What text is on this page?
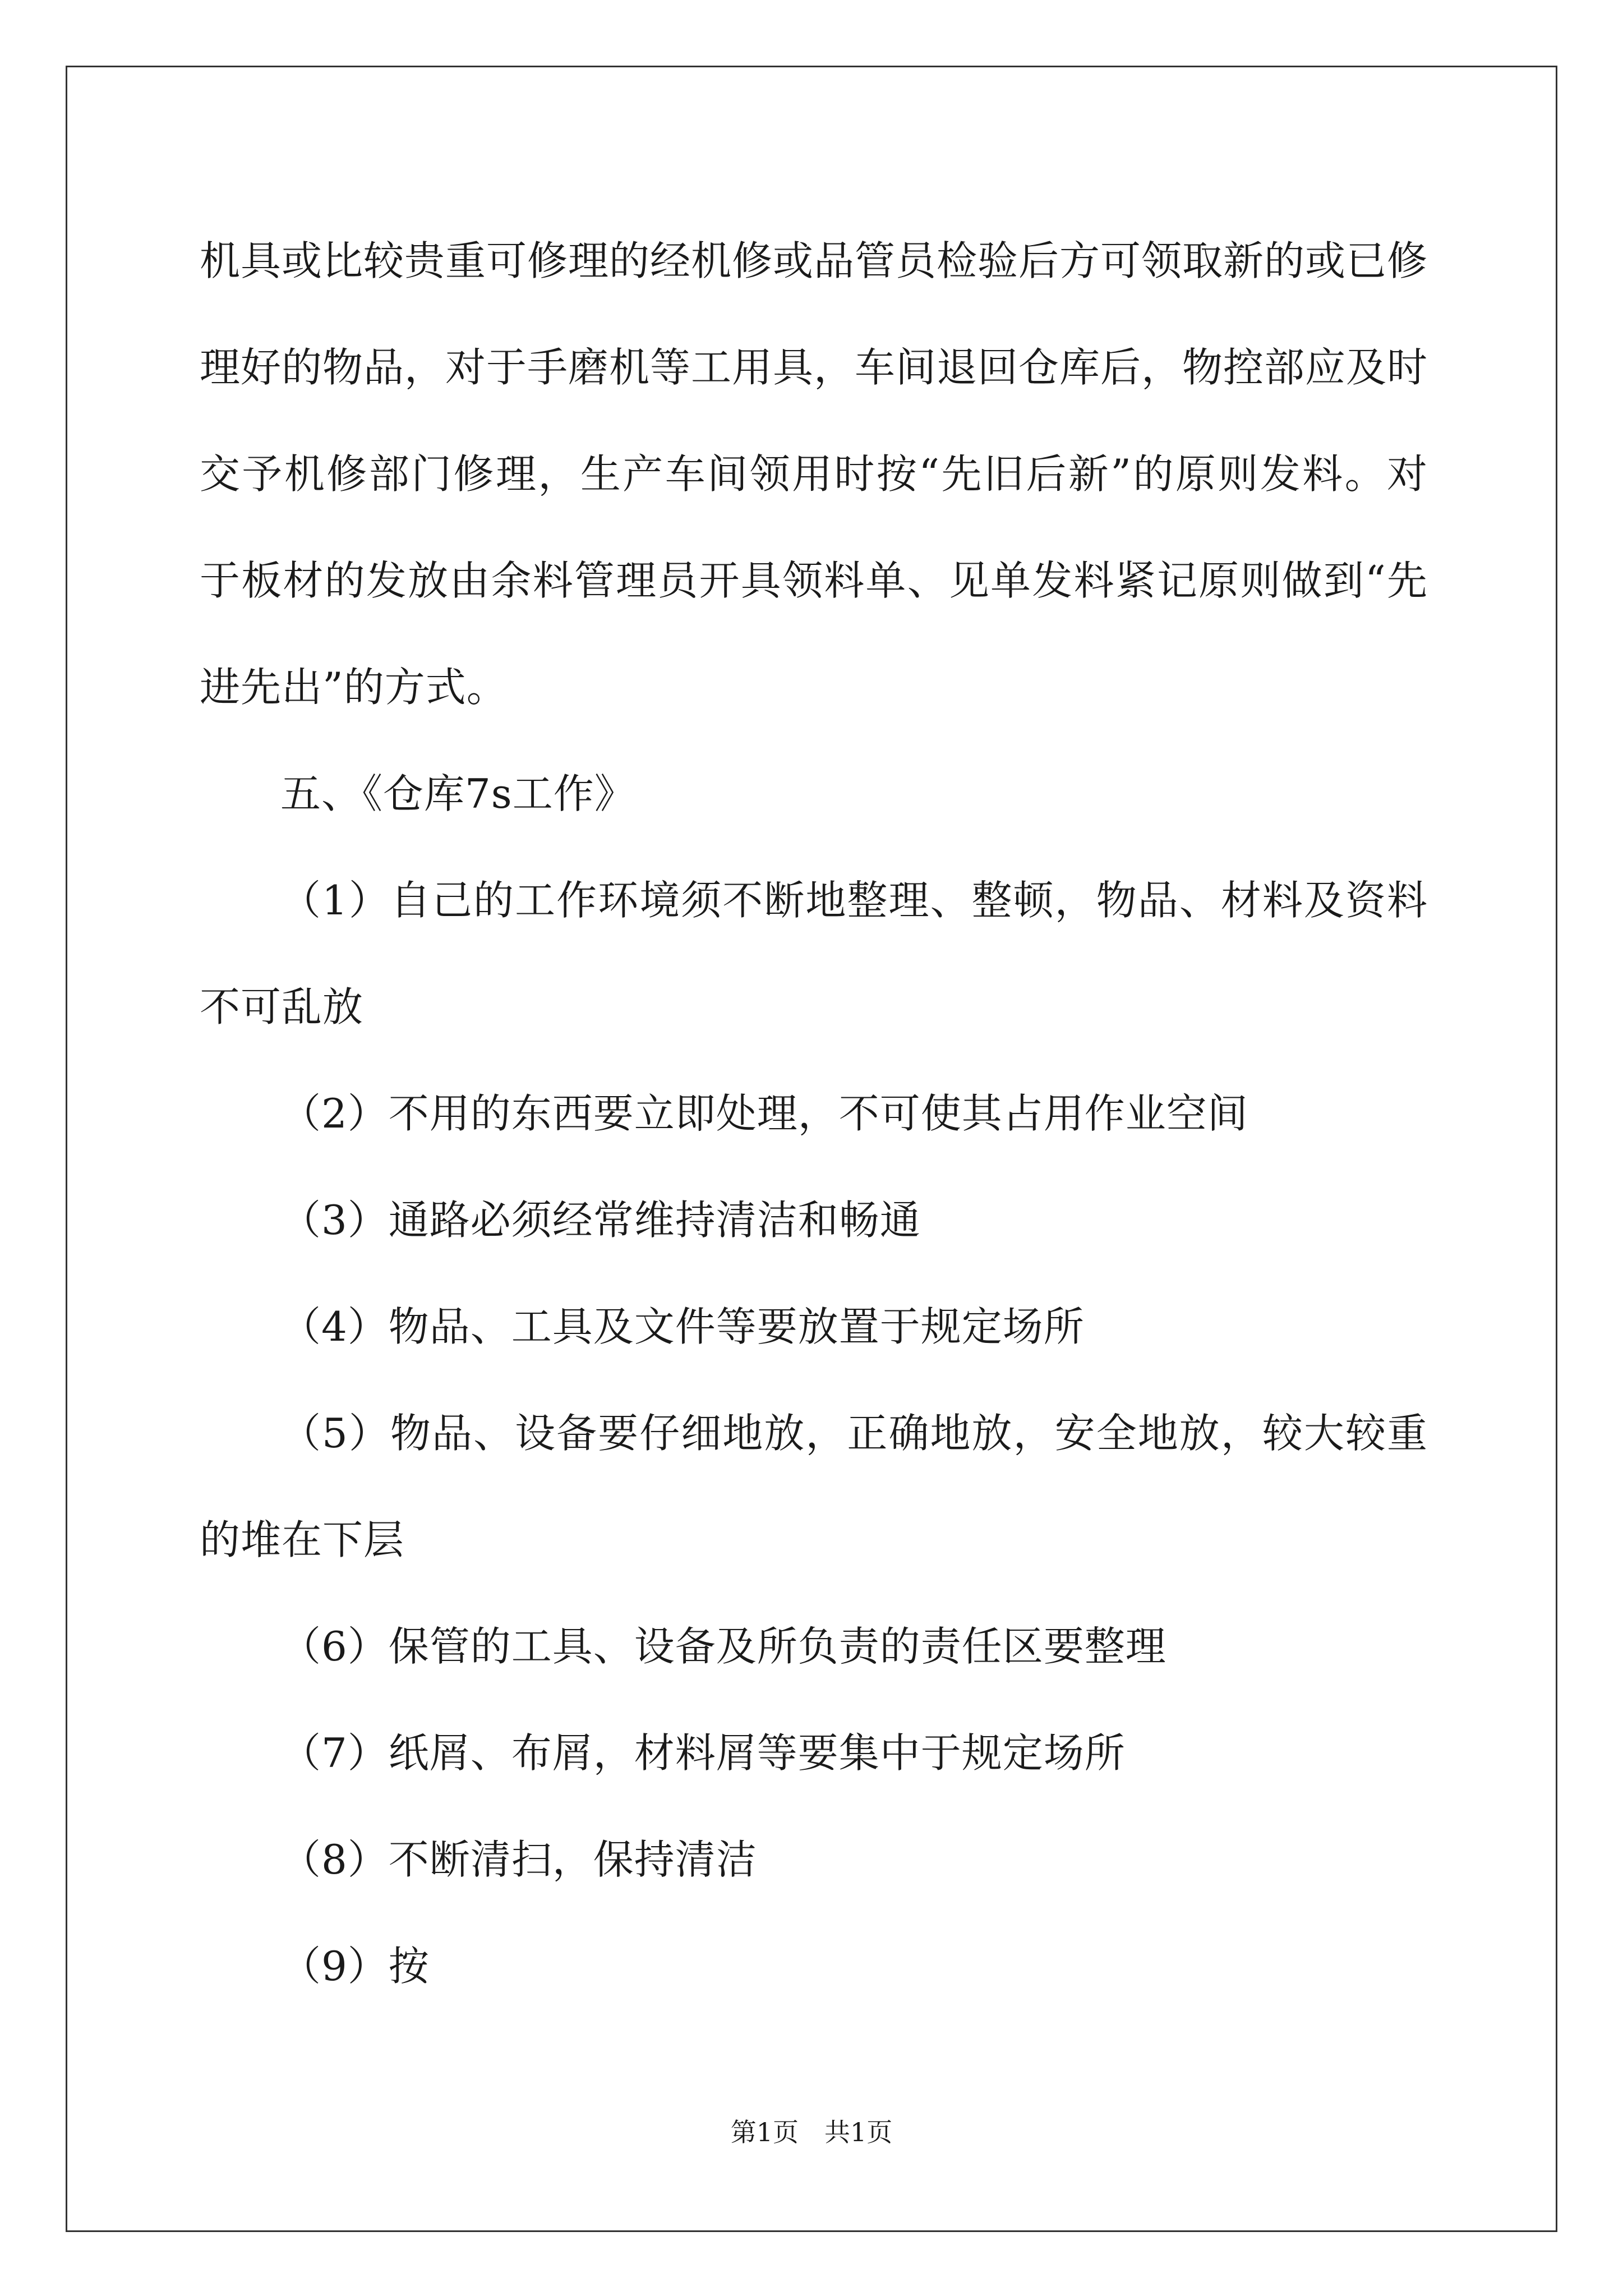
机具或比较贵重可修理的经机修或品管员检验后方可领取新的或已修理好的物品，对于手磨机等工用具，车间退回仓库后，物控部应及时交予机修部门修理，生产车间领用时按“先旧后新”的原则发料。对于板材的发放由余料管理员开具领料单、见单发料紧记原则做到“先进先出”的方式。

五、《仓库7s工作》

（1）自己的工作环境须不断地整理、整顿，物品、材料及资料不可乱放

（2）不用的东西要立即处理，不可使其占用作业空间

（3）通路必须经常维持清洁和畅通

（4）物品、工具及文件等要放置于规定场所

（5）物品、设备要仔细地放，正确地放，安全地放，较大较重的堆在下层

（6）保管的工具、设备及所负责的责任区要整理

（7）纸屑、布屑，材料屑等要集中于规定场所

（8）不断清扫，保持清洁

（9）按

第1页 共1页
